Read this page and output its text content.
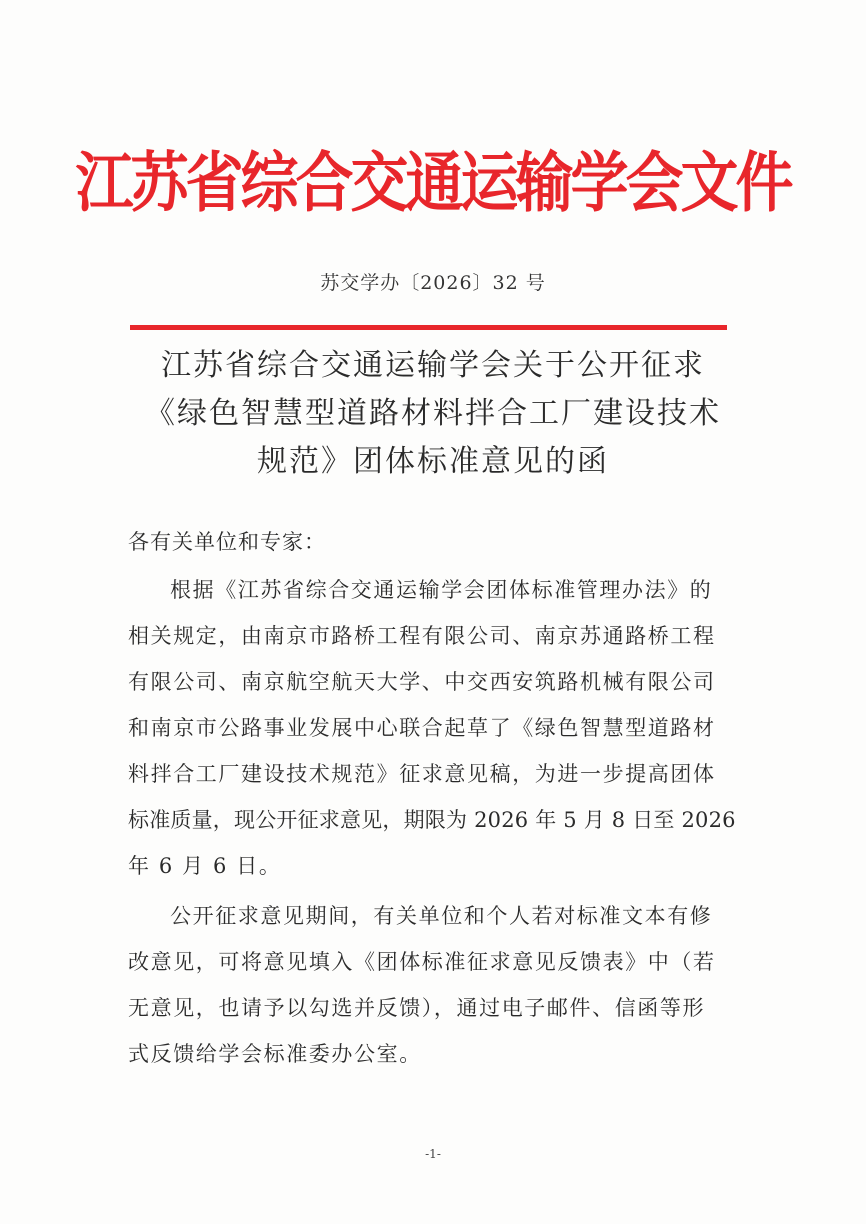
江苏省综合交通运输学会文件
苏交学办〔2026〕32 号
江苏省综合交通运输学会关于公开征求
《绿色智慧型道路材料拌合工厂建设技术
规范》团体标准意见的函
各有关单位和专家：
根据《江苏省综合交通运输学会团体标准管理办法》的
相关规定，由南京市路桥工程有限公司、南京苏通路桥工程
有限公司、南京航空航天大学、中交西安筑路机械有限公司
和南京市公路事业发展中心联合起草了《绿色智慧型道路材
料拌合工厂建设技术规范》征求意见稿，为进一步提高团体
标准质量，现公开征求意见，期限为 2026 年 5 月 8 日至 2026
年 6 月 6 日。
公开征求意见期间，有关单位和个人若对标准文本有修
改意见，可将意见填入《团体标准征求意见反馈表》中（若
无意见，也请予以勾选并反馈），通过电子邮件、信函等形
式反馈给学会标准委办公室。
-1-
